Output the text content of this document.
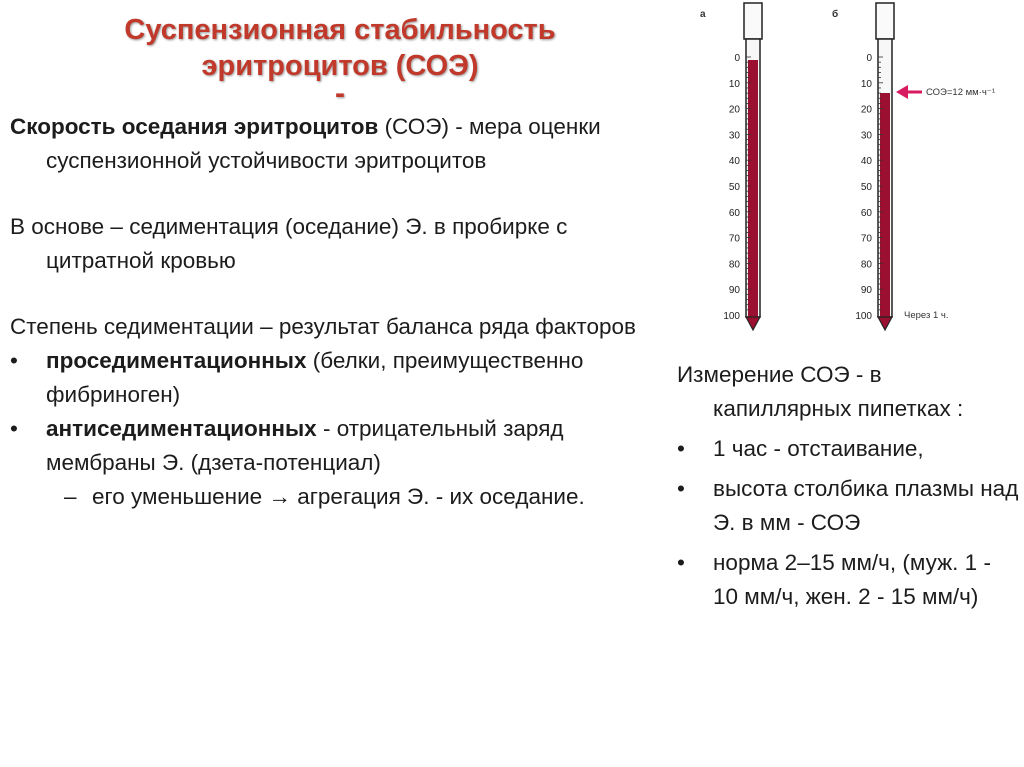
Суспензионная стабильность
эритроцитов (СОЭ)
-

Скорость оседания эритроцитов (СОЭ) - мера оценки суспензионной устойчивости эритроцитов

В основе – седиментация (оседание) Э. в пробирке с цитратной кровью

Степень седиментации – результат баланса ряда факторов

• проседиментационных (белки, преимущественно фибриноген)
• антиседиментационных - отрицательный заряд мембраны Э. (дзета-потенциал)
– его уменьшение → агрегация Э. - их оседание.

Измерение СОЭ - в капиллярных пипетках :

• 1 час - отстаивание,
• высота столбика плазмы над Э. в мм - СОЭ
• норма 2–15 мм/ч, (муж. 1 - 10 мм/ч, жен. 2 - 15 мм/ч)
а	б
0
10
20
30
40
50
60
70
80
90
100
0
10
20
30
40
50
60
70
80
90
100
СОЭ=12 мм·ч⁻¹
Через 1 ч.
